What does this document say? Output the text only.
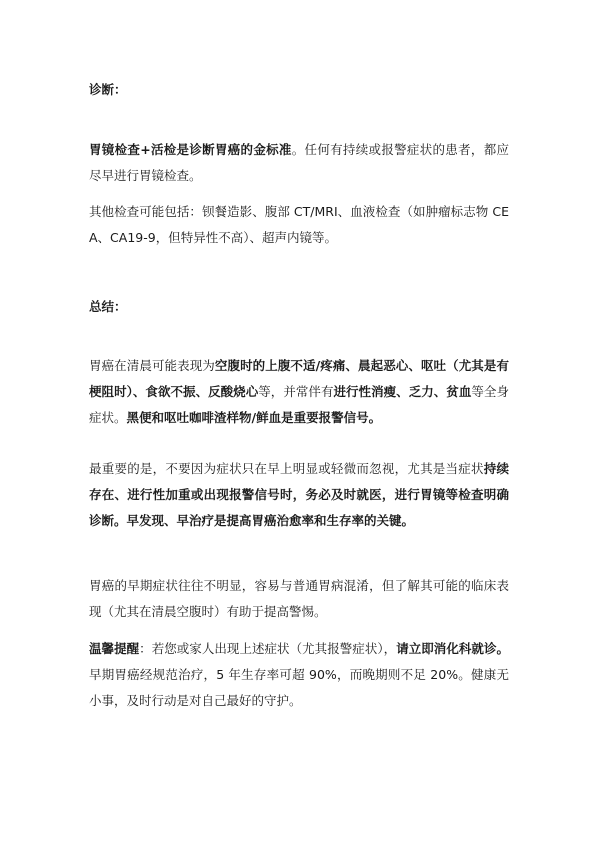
诊断：
胃镜检查+活检是诊断胃癌的金标准。任何有持续或报警症状的患者，都应尽早进行胃镜检查。
其他检查可能包括：钡餐造影、腹部 CT/MRI、血液检查（如肿瘤标志物 CEA、CA19-9，但特异性不高）、超声内镜等。
总结：
胃癌在清晨可能表现为空腹时的上腹不适/疼痛、晨起恶心、呕吐（尤其是有梗阻时）、食欲不振、反酸烧心等，并常伴有进行性消瘦、乏力、贫血等全身症状。黑便和呕吐咖啡渣样物/鲜血是重要报警信号。
最重要的是，不要因为症状只在早上明显或轻微而忽视，尤其是当症状持续存在、进行性加重或出现报警信号时，务必及时就医，进行胃镜等检查明确诊断。早发现、早治疗是提高胃癌治愈率和生存率的关键。
胃癌的早期症状往往不明显，容易与普通胃病混淆，但了解其可能的临床表现（尤其在清晨空腹时）有助于提高警惕。
温馨提醒：若您或家人出现上述症状（尤其报警症状），请立即消化科就诊。早期胃癌经规范治疗，5 年生存率可超 90%，而晚期则不足 20%。健康无小事，及时行动是对自己最好的守护。
